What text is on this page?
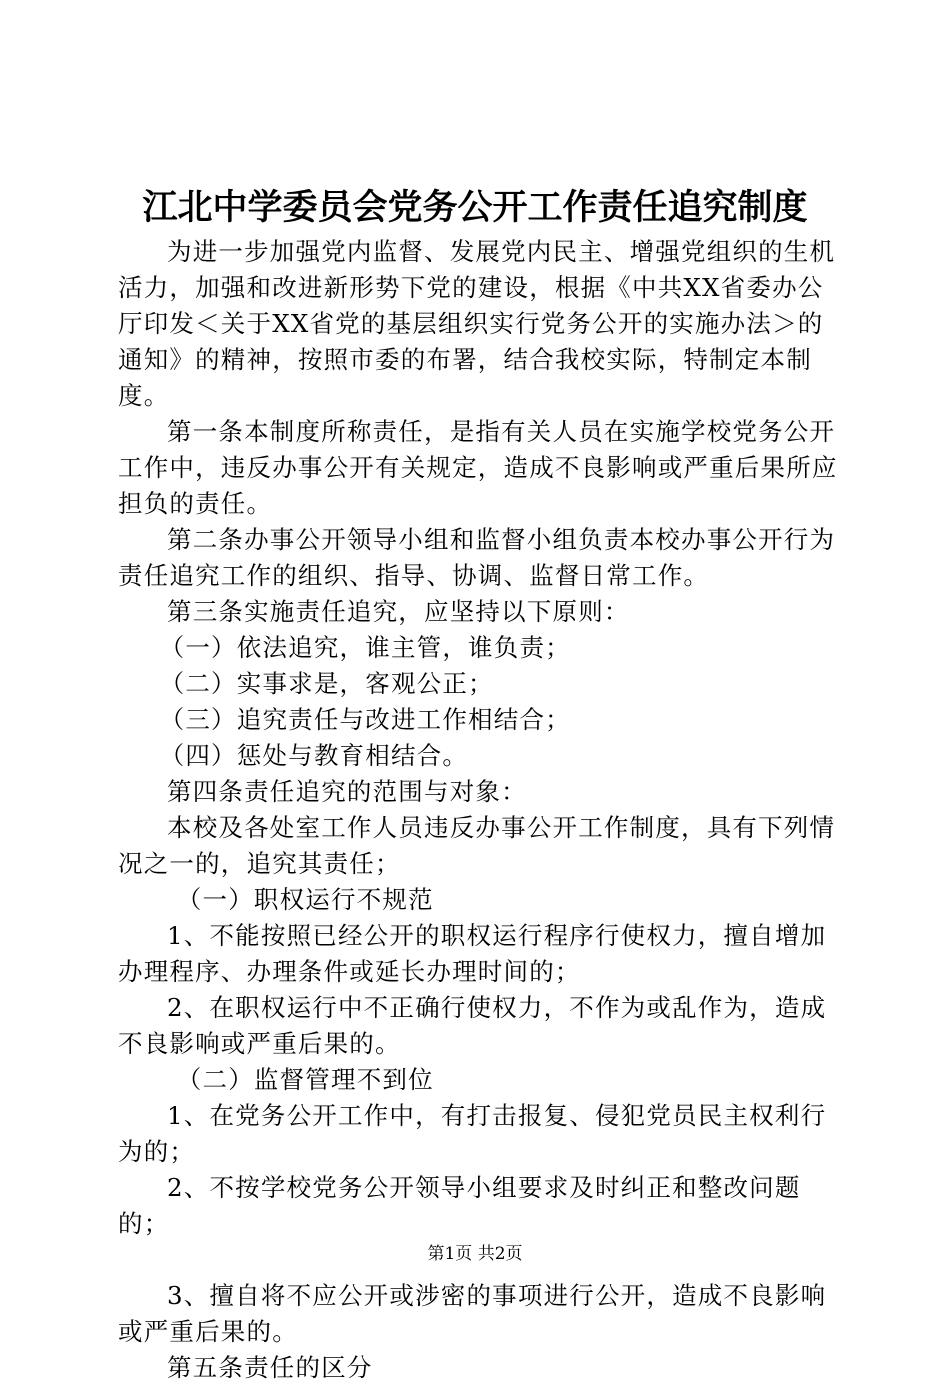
江北中学委员会党务公开工作责任追究制度

为进一步加强党内监督、发展党内民主、增强党组织的生机活力，加强和改进新形势下党的建设，根据《中共XX省委办公厅印发＜关于XX省党的基层组织实行党务公开的实施办法＞的通知》的精神，按照市委的布署，结合我校实际，特制定本制度。

第一条本制度所称责任，是指有关人员在实施学校党务公开工作中，违反办事公开有关规定，造成不良影响或严重后果所应担负的责任。

第二条办事公开领导小组和监督小组负责本校办事公开行为责任追究工作的组织、指导、协调、监督日常工作。

第三条实施责任追究，应坚持以下原则：

（一）依法追究，谁主管，谁负责；

（二）实事求是，客观公正；

（三）追究责任与改进工作相结合；

（四）惩处与教育相结合。

第四条责任追究的范围与对象：

本校及各处室工作人员违反办事公开工作制度，具有下列情况之一的，追究其责任；

（一）职权运行不规范

1、不能按照已经公开的职权运行程序行使权力，擅自增加办理程序、办理条件或延长办理时间的；

2、在职权运行中不正确行使权力，不作为或乱作为，造成不良影响或严重后果的。

（二）监督管理不到位

1、在党务公开工作中，有打击报复、侵犯党员民主权利行为的；

2、不按学校党务公开领导小组要求及时纠正和整改问题的；

3、擅自将不应公开或涉密的事项进行公开，造成不良影响或严重后果的。

第五条责任的区分

第1页 共2页
